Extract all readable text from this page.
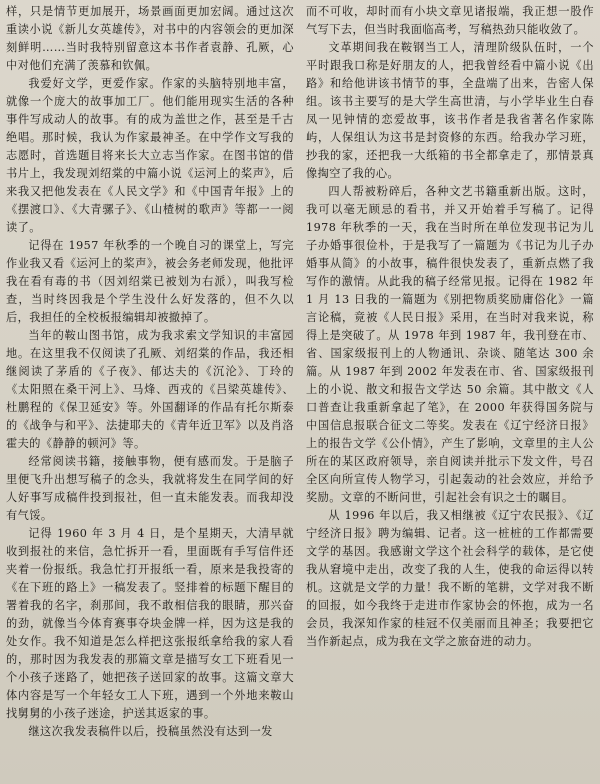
样，只是情节更加展开，场景画面更加宏阔。通过这次重读小说《新儿女英雄传》，对书中的内容领会的更加深刻鲜明……当时我特别留意这本书作者袁静、孔厥，心中对他们充满了羡慕和钦佩。

我爱好文学，更爱作家。作家的头脑特别地丰富，就像一个庞大的故事加工厂。他们能用现实生活的各种事件写成动人的故事。有的成为盖世之作，甚至是千古绝唱。那时候，我认为作家最神圣。在中学作文写我的志愿时，首选题目将来长大立志当作家。在图书馆的借书片上，我发现刘绍棠的中篇小说《运河上的桨声》，后来我又把他发表在《人民文学》和《中国青年报》上的《摆渡口》、《大青骡子》、《山楂树的歌声》等都一一阅读了。

记得在 1957 年秋季的一个晚自习的课堂上，写完作业我又看《运河上的桨声》，被会务老师发现，他批评我在看有毒的书（因刘绍棠已被划为右派），叫我写检查，当时终因我是个学生没什么好发落的，但不久以后，我担任的全校板报编辑却被撤掉了。

当年的鞍山图书馆，成为我求索文学知识的丰富园地。在这里我不仅阅读了孔厥、刘绍棠的作品，我还相继阅读了茅盾的《子夜》、郁达夫的《沉沦》、丁玲的《太阳照在桑干河上》、马烽、西戎的《吕梁英雄传》、杜鹏程的《保卫延安》等。外国翻译的作品有托尔斯泰的《战争与和平》、法捷耶夫的《青年近卫军》以及肖洛霍夫的《静静的顿河》等。

经常阅读书籍，接触事物，便有感而发。于是脑子里便飞升出想写稿子的念头，我就将发生在同学间的好人好事写成稿件投到报社，但一直未能发表。而我却没有气馁。

记得 1960 年 3 月 4 日，是个星期天，大清早就收到报社的来信，急忙拆开一看，里面既有手写信件还夹着一份报纸。我急忙打开报纸一看，原来是我投寄的《在下班的路上》一稿发表了。竖排着的标题下醒目的署着我的名字，刹那间，我不敢相信我的眼睛，那兴奋的劲，就像当今体育赛事夺块金牌一样，因为这是我的处女作。我不知道是怎么样把这张报纸拿给我的家人看的，那时因为我发表的那篇文章是描写女工下班看见一个小孩子迷路了，她把孩子送回家的故事。这篇文章大体内容是写一个年轻女工人下班，遇到一个外地来鞍山找舅舅的小孩子迷途，护送其返家的事。

继这次我发表稿件以后，投稿虽然没有达到一发

而不可收，却时而有小块文章见诸报端，我正想一股作气写下去，但当时我面临高考，写稿热劲只能收敛了。

文革期间我在鞍钢当工人，清理阶级队伍时，一个平时跟我口称是好朋友的人，把我曾经看中篇小说《出路》和给他讲该书情节的事，全盘端了出来，告密人保组。该书主要写的是大学生高世清，与小学毕业生白春凤一见钟情的恋爱故事，该书作者是我省著名作家陈屿，人保组认为这书是封资修的东西。给我办学习班，抄我的家，还把我一大纸箱的书全都拿走了，那情景真像掏空了我的心。

四人帮被粉碎后，各种文艺书籍重新出版。这时，我可以毫无顾忌的看书，并又开始着手写稿了。记得 1978 年秋季的一天，我在当时所在单位发现书记为儿子办婚事很俭朴，于是我写了一篇题为《书记为儿子办婚事从简》的小故事，稿件很快发表了，重新点燃了我写作的激情。从此我的稿子经常见报。记得在 1982 年 1 月 13 日我的一篇题为《别把物质奖励庸俗化》一篇言论稿，竟被《人民日报》采用，在当时对我来说，称得上是突破了。从 1978 年到 1987 年，我刊登在市、省、国家级报刊上的人物通讯、杂谈、随笔达 300 余篇。从 1987 年到 2002 年发表在市、省、国家级报刊上的小说、散文和报告文学达 50 余篇。其中散文《人口普查让我重新拿起了笔》，在 2000 年获得国务院与中国信息报联合征文二等奖。发表在《辽宁经济日报》上的报告文学《公仆情》，产生了影响，文章里的主人公所在的某区政府领导，亲自阅读并批示下发文件，号召全区向所宣传人物学习，引起轰动的社会效应，并给予奖励。文章的不断问世，引起社会有识之士的瞩目。

从 1996 年以后，我又相继被《辽宁农民报》、《辽宁经济日报》聘为编辑、记者。这一桩桩的工作都需要文学的基因。我感谢文学这个社会科学的载体，是它使我从窘境中走出，改变了我的人生，使我的命运得以转机。这就是文学的力量！我不断的笔耕，文学对我不断的回报，如今我终于走进市作家协会的怀抱，成为一名会员，我深知作家的桂冠不仅美丽而且神圣；我要把它当作新起点，成为我在文学之旅奋进的动力。
